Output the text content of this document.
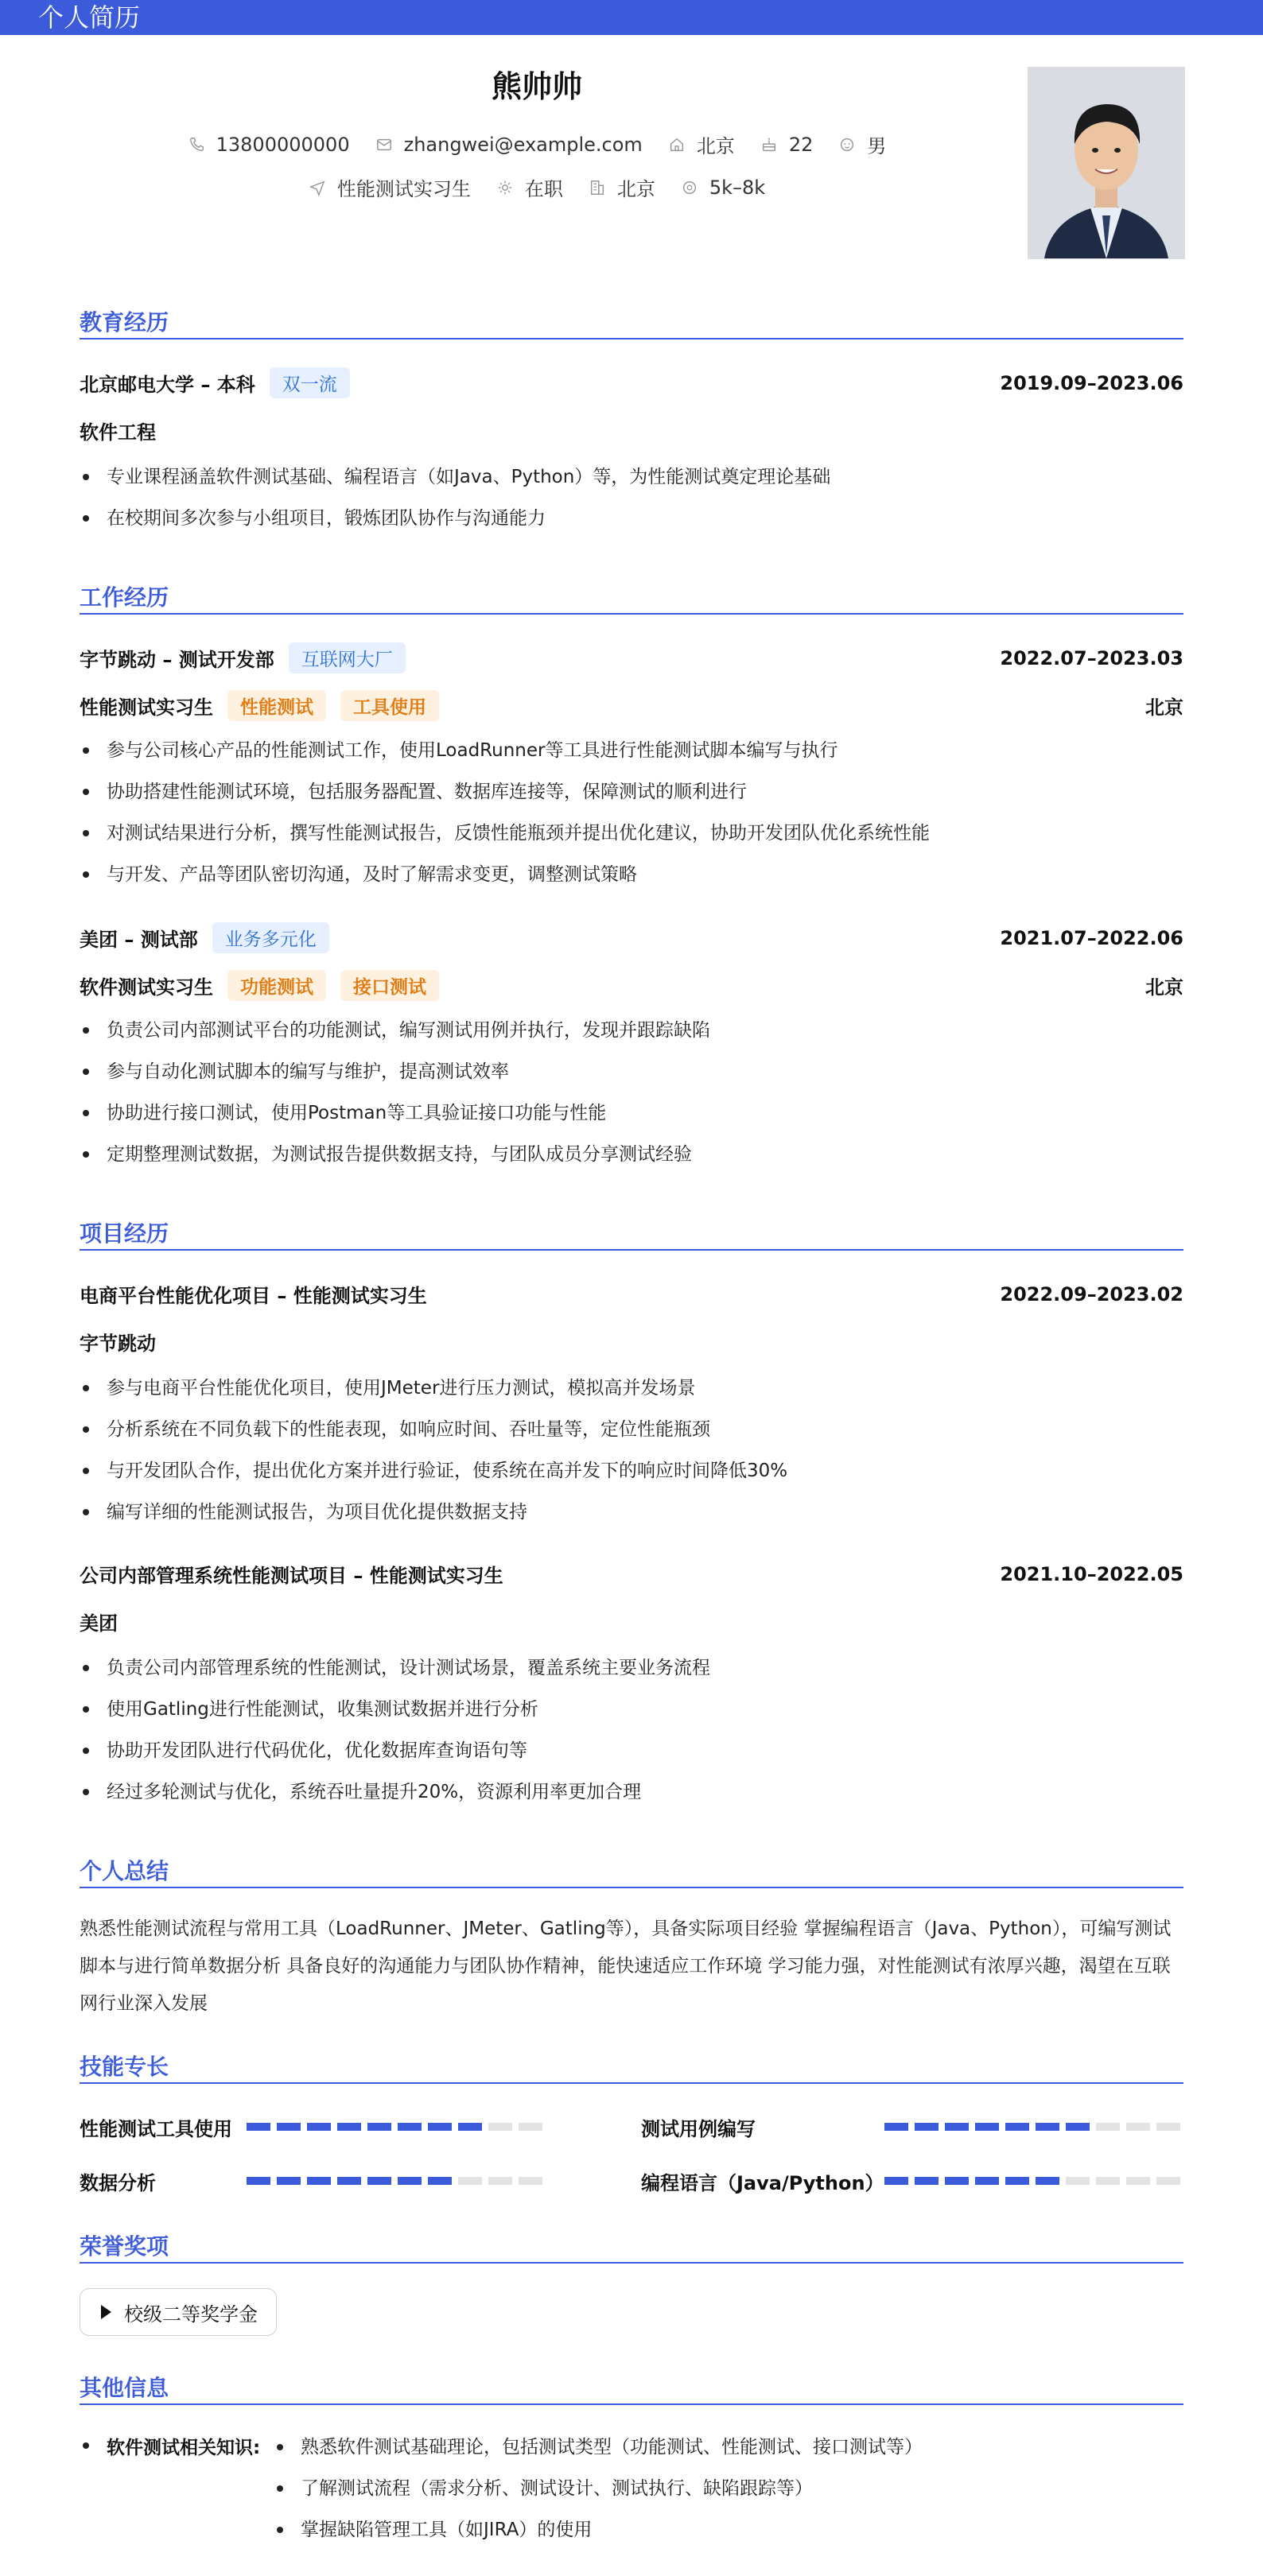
个人简历
熊帅帅
13800000000	zhangwei@example.com	北京	22	男
性能测试实习生	在职	北京	5k–8k
教育经历
北京邮电大学 – 本科	双一流	2019.09–2023.06
软件工程
专业课程涵盖软件测试基础、编程语言（如Java、Python）等，为性能测试奠定理论基础
在校期间多次参与小组项目，锻炼团队协作与沟通能力
工作经历
字节跳动 – 测试开发部	互联网大厂	2022.07–2023.03
性能测试实习生	性能测试	工具使用	北京
参与公司核心产品的性能测试工作，使用LoadRunner等工具进行性能测试脚本编写与执行
协助搭建性能测试环境，包括服务器配置、数据库连接等，保障测试的顺利进行
对测试结果进行分析，撰写性能测试报告，反馈性能瓶颈并提出优化建议，协助开发团队优化系统性能
与开发、产品等团队密切沟通，及时了解需求变更，调整测试策略
美团 – 测试部	业务多元化	2021.07–2022.06
软件测试实习生	功能测试	接口测试	北京
负责公司内部测试平台的功能测试，编写测试用例并执行，发现并跟踪缺陷
参与自动化测试脚本的编写与维护，提高测试效率
协助进行接口测试，使用Postman等工具验证接口功能与性能
定期整理测试数据，为测试报告提供数据支持，与团队成员分享测试经验
项目经历
电商平台性能优化项目 – 性能测试实习生	2022.09–2023.02
字节跳动
参与电商平台性能优化项目，使用JMeter进行压力测试，模拟高并发场景
分析系统在不同负载下的性能表现，如响应时间、吞吐量等，定位性能瓶颈
与开发团队合作，提出优化方案并进行验证，使系统在高并发下的响应时间降低30%
编写详细的性能测试报告，为项目优化提供数据支持
公司内部管理系统性能测试项目 – 性能测试实习生	2021.10–2022.05
美团
负责公司内部管理系统的性能测试，设计测试场景，覆盖系统主要业务流程
使用Gatling进行性能测试，收集测试数据并进行分析
协助开发团队进行代码优化，优化数据库查询语句等
经过多轮测试与优化，系统吞吐量提升20%，资源利用率更加合理
个人总结
熟悉性能测试流程与常用工具（LoadRunner、JMeter、Gatling等），具备实际项目经验 掌握编程语言（Java、Python），可编写测试脚本与进行简单数据分析 具备良好的沟通能力与团队协作精神，能快速适应工作环境 学习能力强，对性能测试有浓厚兴趣，渴望在互联网行业深入发展
技能专长
性能测试工具使用	测试用例编写
数据分析	编程语言（Java/Python）
荣誉奖项
校级二等奖学金
其他信息
软件测试相关知识:	熟悉软件测试基础理论，包括测试类型（功能测试、性能测试、接口测试等）
了解测试流程（需求分析、测试设计、测试执行、缺陷跟踪等）
掌握缺陷管理工具（如JIRA）的使用
